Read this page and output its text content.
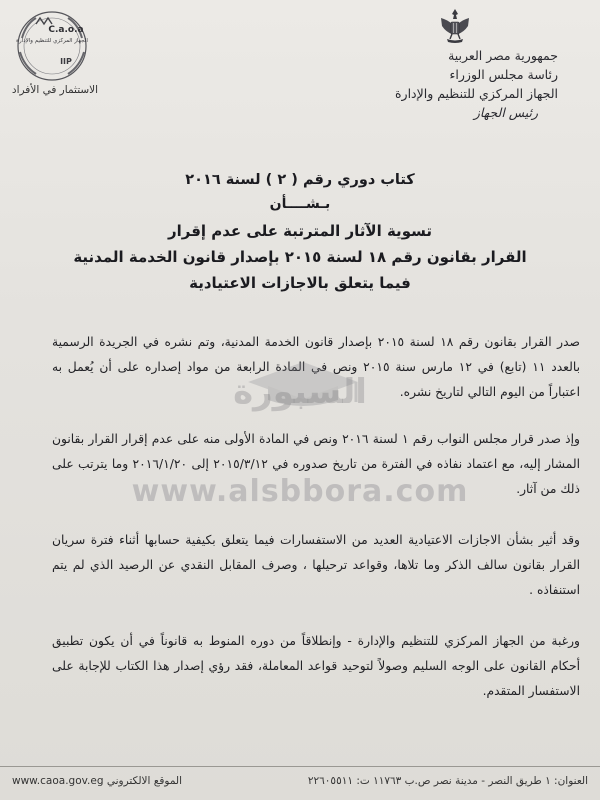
جمهورية مصر العربية
رئاسة مجلس الوزراء
الجهاز المركزي للتنظيم والإدارة
رئيس الجهاز
C.a.o.a
الجهاز المركزي للتنظيم والإدارة
IIP
الاستثمار في الأفراد
كتاب دوري رقم ( ٢ ) لسنة ٢٠١٦
بـشــــأن
تسوية الآثار المترتبة على عدم إقرار
القرار بقانون رقم ١٨ لسنة ٢٠١٥ بإصدار قانون الخدمة المدنية
فيما يتعلق بالاجازات الاعتيادية

صدر القرار بقانون رقم ١٨ لسنة ٢٠١٥ بإصدار قانون الخدمة المدنية، وتم نشره في الجريدة الرسمية بالعدد ١١ (تابع) في ١٢ مارس سنة ٢٠١٥ ونص في المادة الرابعة من مواد إصداره على أن يُعمل به اعتباراً من اليوم التالي لتاريخ نشره.

وإذ صدر قرار مجلس النواب رقم ١ لسنة ٢٠١٦ ونص في المادة الأولى منه على عدم إقرار القرار بقانون المشار إليه، مع اعتماد نفاذه في الفترة من تاريخ صدوره في ٢٠١٥/٣/١٢ إلى ٢٠١٦/١/٢٠ وما يترتب على ذلك من آثار.

وقد أثير بشأن الاجازات الاعتيادية العديد من الاستفسارات فيما يتعلق بكيفية حسابها أثناء فترة سريان القرار بقانون سالف الذكر وما تلاها، وقواعد ترحيلها ، وصرف المقابل النقدي عن الرصيد الذي لم يتم استنفاذه .

ورغبة من الجهاز المركزي للتنظيم والإدارة - وإنطلاقاً من دوره المنوط به قانوناً في أن يكون تطبيق أحكام القانون على الوجه السليم وصولاً لتوحيد قواعد المعاملة، فقد رؤي إصدار هذا الكتاب للإجابة على الاستفسار المتقدم.

السبورة
www.alsbbora.com
العنوان: ١ طريق النصر - مدينة نصر ص.ب ١١٧٦٣ ت: ٢٢٦٠٥٥١١
الموقع الالكتروني www.caoa.gov.eg
